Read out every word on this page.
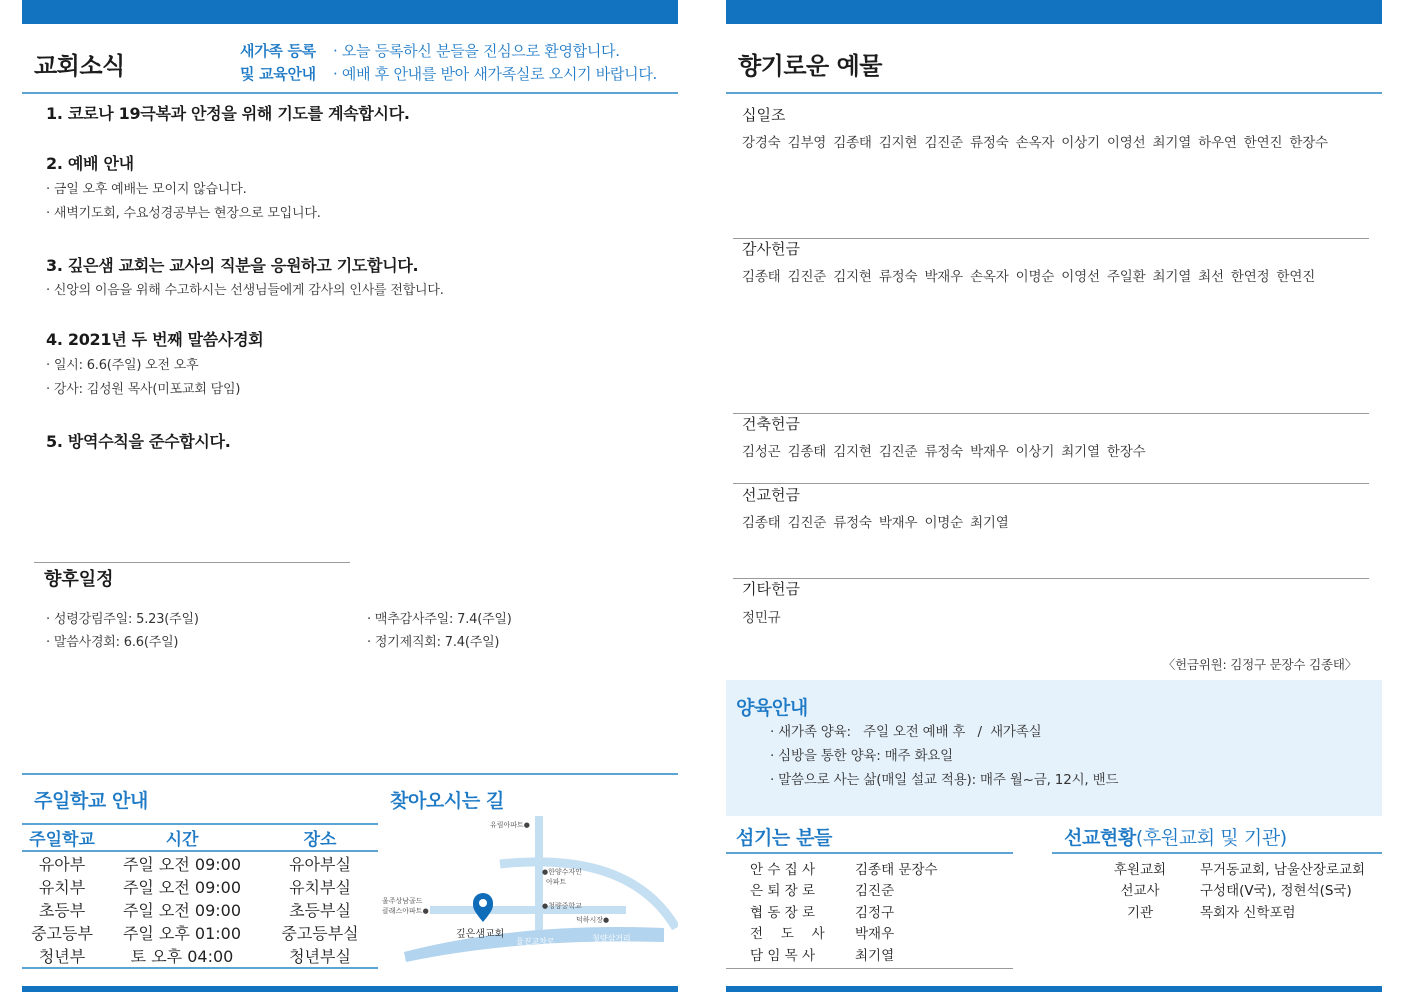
교회소식
새가족 등록
및 교육안내
· 오늘 등록하신 분들을 진심으로 환영합니다.
· 예배 후 안내를 받아 새가족실로 오시기 바랍니다.
1. 코로나 19극복과 안정을 위해 기도를 계속합시다.
2. 예배 안내
· 금일 오후 예배는 모이지 않습니다.
· 새벽기도회, 수요성경공부는 현장으로 모입니다.
3. 깊은샘 교회는 교사의 직분을 응원하고 기도합니다.
· 신앙의 이음을 위해 수고하시는 선생님들에게 감사의 인사를 전합니다.
4. 2021년 두 번째 말씀사경회
· 일시: 6.6(주일) 오전 오후
· 강사: 김성원 목사(미포교회 담임)
5. 방역수칙을 준수합시다.
향후일정
· 성령강림주일: 5.23(주일)
· 말씀사경회: 6.6(주일)
· 맥추감사주일: 7.4(주일)
· 정기제직회: 7.4(주일)
주일학교 안내
주일학교	시간	장소
유아부	주일 오전 09:00	유아부실
유치부	주일 오전 09:00	유치부실
초등부	주일 오전 09:00	초등부실
중고등부	주일 오후 01:00	중고등부실
청년부	토 오후 04:00	청년부실
찾아오시는 길
유림아파트●
●한양수자인
아파트
울주상남골드
클래스아파트●
●청량중학교
덕하시장●
깊은샘교회
율진교차로	청량삼거리
향기로운 예물
십일조
강경숙 김부영 김종태 김지현 김진준 류정숙 손옥자 이상기 이영선 최기열 하우연 한연진 한장수
감사헌금
김종태 김진준 김지현 류정숙 박재우 손옥자 이명순 이영선 주일환 최기열 최선 한연정 한연진
건축헌금
김성곤 김종태 김지현 김진준 류정숙 박재우 이상기 최기열 한장수
선교헌금
김종태 김진준 류정숙 박재우 이명순 최기열
기타헌금
정민규
〈헌금위원: 김정구 문장수 김종태〉
양육안내
· 새가족 양육:   주일 오전 예배 후   /  새가족실
· 심방을 통한 양육: 매주 화요일
· 말씀으로 사는 삶(매일 설교 적용): 매주 월~금, 12시, 밴드
섬기는 분들
안 수 집 사	김종태 문장수
은 퇴 장 로	김진준
협 동 장 로	김정구
전 　도　 사	박재우
담 임 목 사	최기열
선교현황(후원교회 및 기관)
후원교회	무거동교회, 남울산장로교회
선교사	구성태(V국), 정현석(S국)
기관	목회자 신학포럼
